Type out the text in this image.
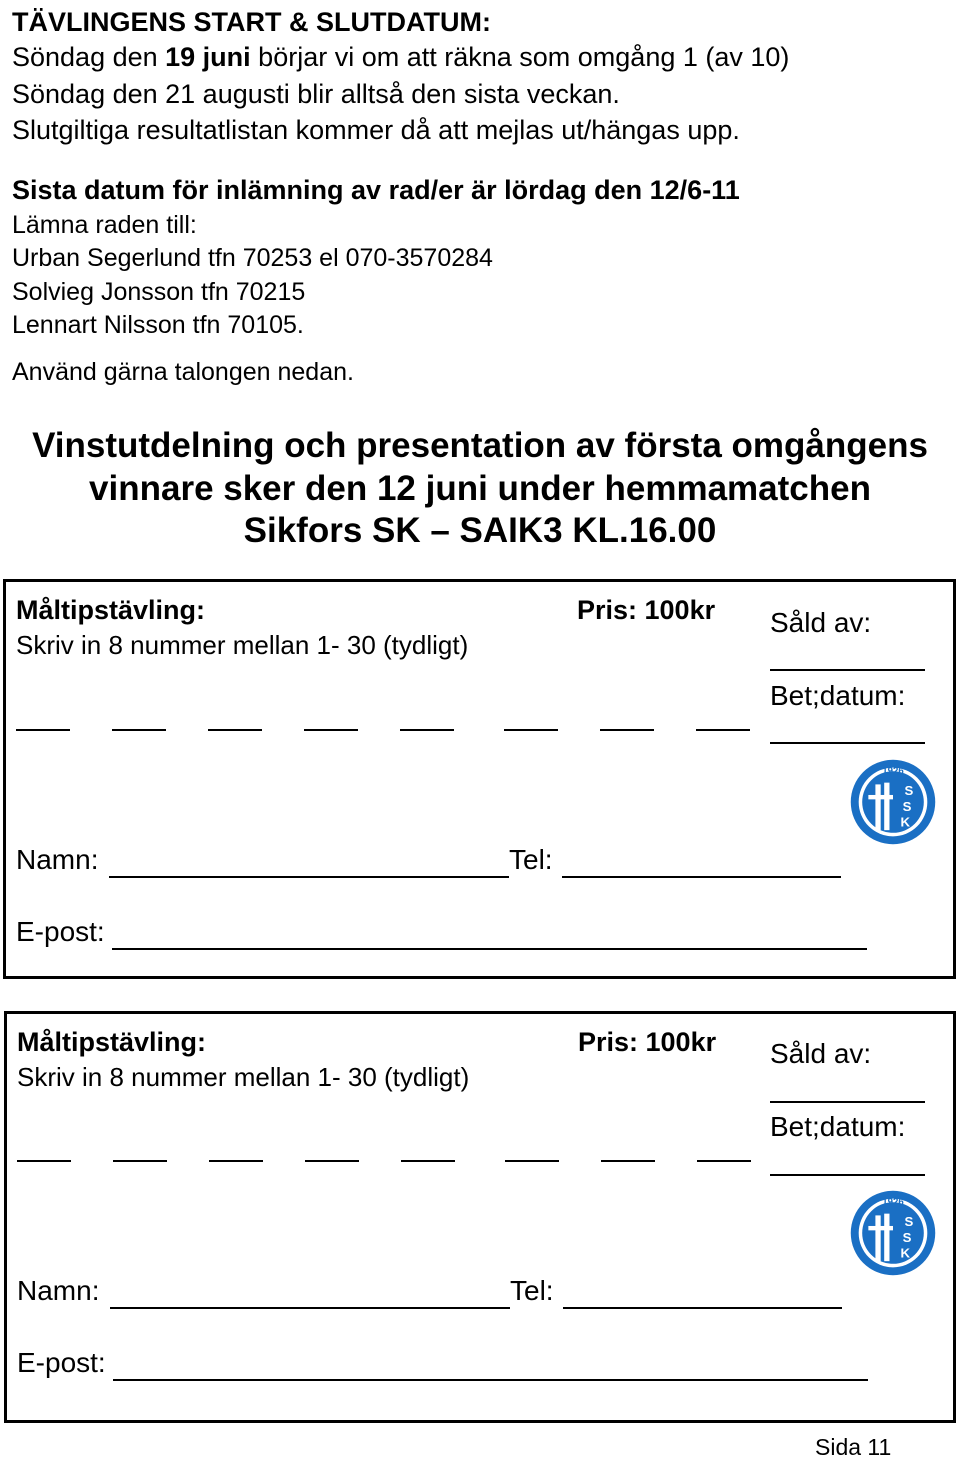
TÄVLINGENS START & SLUTDATUM:
Söndag den 19 juni börjar vi om att räkna som omgång 1 (av 10)
Söndag den 21 augusti blir alltså den sista veckan.
Slutgiltiga resultatlistan kommer då att mejlas ut/hängas upp.
Sista datum för inlämning av rad/er är lördag den 12/6-11
Lämna raden till:
Urban Segerlund tfn 70253 el 070-3570284
Solvieg Jonsson tfn 70215
Lennart Nilsson tfn 70105.
Använd gärna talongen nedan.
Vinstutdelning och presentation av första omgångens
vinnare sker den 12 juni under hemmamatchen
Sikfors SK – SAIK3 KL.16.00
Måltipstävling:	Pris: 100kr
Skriv in 8 nummer mellan 1- 30 (tydligt)
Såld av:
Bet;datum:
1926
S
S
K
Namn:	Tel:
E-post:
Måltipstävling:	Pris: 100kr
Skriv in 8 nummer mellan 1- 30 (tydligt)
Såld av:
Bet;datum:
1926
S
S
K
Namn:	Tel:
E-post:
Sida 11
